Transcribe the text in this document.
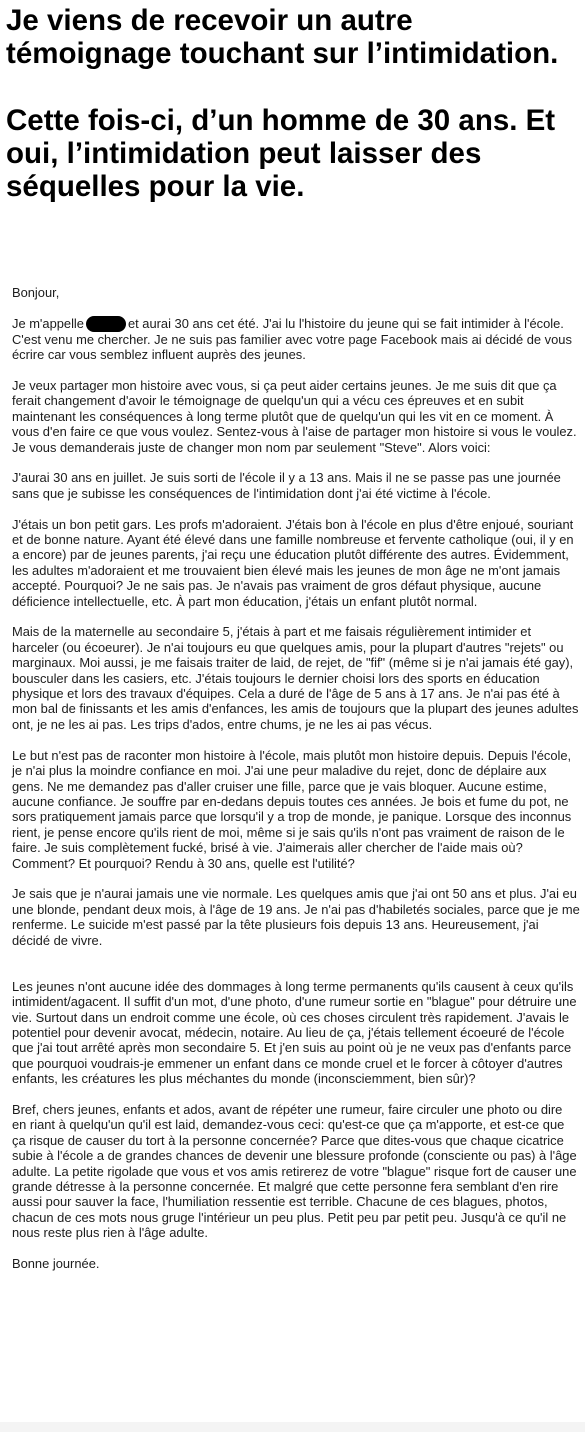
Je viens de recevoir un autre témoignage touchant sur l’intimidation.

Cette fois-ci, d’un homme de 30 ans. Et oui, l’intimidation peut laisser des séquelles pour la vie.

Bonjour,

Je m'appelle	et aurai 30 ans cet été. J'ai lu l'histoire du jeune qui se fait intimider à l'école. C'est venu me chercher. Je ne suis pas familier avec votre page Facebook mais ai décidé de vous écrire car vous semblez influent auprès des jeunes.

Je veux partager mon histoire avec vous, si ça peut aider certains jeunes. Je me suis dit que ça ferait changement d'avoir le témoignage de quelqu'un qui a vécu ces épreuves et en subit maintenant les conséquences à long terme plutôt que de quelqu'un qui les vit en ce moment. À vous d'en faire ce que vous voulez. Sentez-vous à l'aise de partager mon histoire si vous le voulez. Je vous demanderais juste de changer mon nom par seulement "Steve". Alors voici:

J'aurai 30 ans en juillet. Je suis sorti de l'école il y a 13 ans. Mais il ne se passe pas une journée sans que je subisse les conséquences de l'intimidation dont j'ai été victime à l'école.

J'étais un bon petit gars. Les profs m'adoraient. J'étais bon à l'école en plus d'être enjoué, souriant et de bonne nature. Ayant été élevé dans une famille nombreuse et fervente catholique (oui, il y en a encore) par de jeunes parents, j'ai reçu une éducation plutôt différente des autres. Évidemment, les adultes m'adoraient et me trouvaient bien élevé mais les jeunes de mon âge ne m'ont jamais accepté. Pourquoi? Je ne sais pas. Je n'avais pas vraiment de gros défaut physique, aucune déficience intellectuelle, etc. À part mon éducation, j'étais un enfant plutôt normal.

Mais de la maternelle au secondaire 5, j'étais à part et me faisais régulièrement intimider et harceler (ou écoeurer). Je n'ai toujours eu que quelques amis, pour la plupart d'autres "rejets" ou marginaux. Moi aussi, je me faisais traiter de laid, de rejet, de "fif" (même si je n'ai jamais été gay), bousculer dans les casiers, etc. J'étais toujours le dernier choisi lors des sports en éducation physique et lors des travaux d'équipes. Cela a duré de l'âge de 5 ans à 17 ans. Je n'ai pas été à mon bal de finissants et les amis d'enfances, les amis de toujours que la plupart des jeunes adultes ont, je ne les ai pas. Les trips d'ados, entre chums, je ne les ai pas vécus.

Le but n'est pas de raconter mon histoire à l'école, mais plutôt mon histoire depuis. Depuis l'école, je n'ai plus la moindre confiance en moi. J'ai une peur maladive du rejet, donc de déplaire aux gens. Ne me demandez pas d'aller cruiser une fille, parce que je vais bloquer. Aucune estime, aucune confiance. Je souffre par en-dedans depuis toutes ces années. Je bois et fume du pot, ne sors pratiquement jamais parce que lorsqu'il y a trop de monde, je panique. Lorsque des inconnus rient, je pense encore qu'ils rient de moi, même si je sais qu'ils n'ont pas vraiment de raison de le faire. Je suis complètement fucké, brisé à vie. J'aimerais aller chercher de l'aide mais où? Comment? Et pourquoi? Rendu à 30 ans, quelle est l'utilité?

Je sais que je n'aurai jamais une vie normale. Les quelques amis que j'ai ont 50 ans et plus. J'ai eu une blonde, pendant deux mois, à l'âge de 19 ans. Je n'ai pas d'habiletés sociales, parce que je me renferme. Le suicide m'est passé par la tête plusieurs fois depuis 13 ans. Heureusement, j'ai décidé de vivre.

Les jeunes n'ont aucune idée des dommages à long terme permanents qu'ils causent à ceux qu'ils intimident/agacent. Il suffit d'un mot, d'une photo, d'une rumeur sortie en "blague" pour détruire une vie. Surtout dans un endroit comme une école, où ces choses circulent très rapidement. J'avais le potentiel pour devenir avocat, médecin, notaire. Au lieu de ça, j'étais tellement écoeuré de l'école que j'ai tout arrêté après mon secondaire 5. Et j'en suis au point où je ne veux pas d'enfants parce que pourquoi voudrais-je emmener un enfant dans ce monde cruel et le forcer à côtoyer d'autres enfants, les créatures les plus méchantes du monde (inconsciemment, bien sûr)?

Bref, chers jeunes, enfants et ados, avant de répéter une rumeur, faire circuler une photo ou dire en riant à quelqu'un qu'il est laid, demandez-vous ceci: qu'est-ce que ça m'apporte, et est-ce que ça risque de causer du tort à la personne concernée? Parce que dites-vous que chaque cicatrice subie à l'école a de grandes chances de devenir une blessure profonde (consciente ou pas) à l'âge adulte. La petite rigolade que vous et vos amis retirerez de votre "blague" risque fort de causer une grande détresse à la personne concernée. Et malgré que cette personne fera semblant d'en rire aussi pour sauver la face, l'humiliation ressentie est terrible. Chacune de ces blagues, photos, chacun de ces mots nous gruge l'intérieur un peu plus. Petit peu par petit peu. Jusqu'à ce qu'il ne nous reste plus rien à l'âge adulte.

Bonne journée.
